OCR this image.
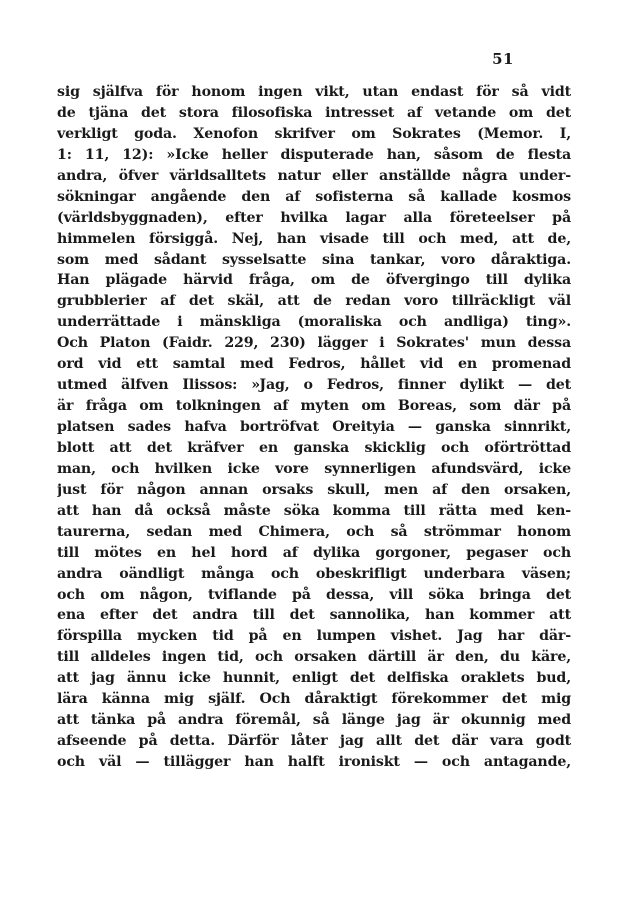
51
sig själfva för honom ingen vikt, utan endast för så vidt
de tjäna det stora filosofiska intresset af vetande om det
verkligt goda. Xenofon skrifver om Sokrates (Memor. I,
1: 11, 12): »Icke heller disputerade han, såsom de flesta
andra, öfver världsalltets natur eller anställde några under-
sökningar angående den af sofisterna så kallade kosmos
(världsbyggnaden), efter hvilka lagar alla företeelser på
himmelen försiggå. Nej, han visade till och med, att de,
som med sådant sysselsatte sina tankar, voro dåraktiga.
Han plägade härvid fråga, om de öfvergingo till dylika
grubblerier af det skäl, att de redan voro tillräckligt väl
underrättade i mänskliga (moraliska och andliga) ting».
Och Platon (Faidr. 229, 230) lägger i Sokrates' mun dessa
ord vid ett samtal med Fedros, hållet vid en promenad
utmed älfven Ilissos: »Jag, o Fedros, finner dylikt — det
är fråga om tolkningen af myten om Boreas, som där på
platsen sades hafva bortröfvat Oreityia — ganska sinnrikt,
blott att det kräfver en ganska skicklig och oförtröttad
man, och hvilken icke vore synnerligen afundsvärd, icke
just för någon annan orsaks skull, men af den orsaken,
att han då också måste söka komma till rätta med ken-
taurerna, sedan med Chimera, och så strömmar honom
till mötes en hel hord af dylika gorgoner, pegaser och
andra oändligt många och obeskrifligt underbara väsen;
och om någon, tviflande på dessa, vill söka bringa det
ena efter det andra till det sannolika, han kommer att
förspilla mycken tid på en lumpen vishet. Jag har där-
till alldeles ingen tid, och orsaken därtill är den, du käre,
att jag ännu icke hunnit, enligt det delfiska oraklets bud,
lära känna mig själf. Och dåraktigt förekommer det mig
att tänka på andra föremål, så länge jag är okunnig med
afseende på detta. Därför låter jag allt det där vara godt
och väl — tillägger han halft ironiskt — och antagande,
